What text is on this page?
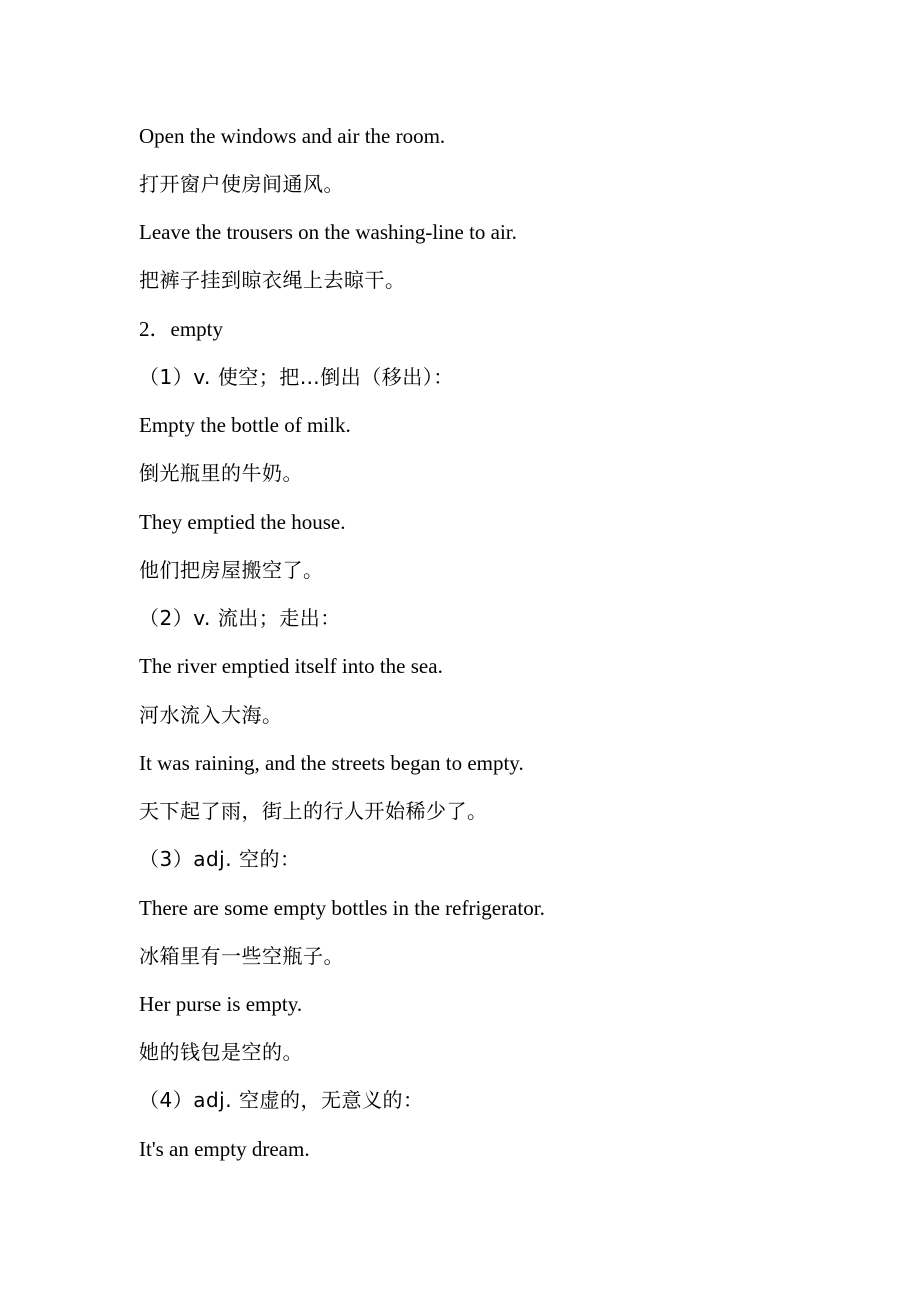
Open the windows and air the room.
打开窗户使房间通风。
Leave the trousers on the washing-line to air.
把裤子挂到晾衣绳上去晾干。
2．empty
（1）v. 使空；把…倒出（移出）：
Empty the bottle of milk.
倒光瓶里的牛奶。
They emptied the house.
他们把房屋搬空了。
（2）v. 流出；走出：
The river emptied itself into the sea.
河水流入大海。
It was raining, and the streets began to empty.
天下起了雨，街上的行人开始稀少了。
（3）adj. 空的：
There are some empty bottles in the refrigerator.
冰箱里有一些空瓶子。
Her purse is empty.
她的钱包是空的。
（4）adj. 空虚的，无意义的：
It's an empty dream.
